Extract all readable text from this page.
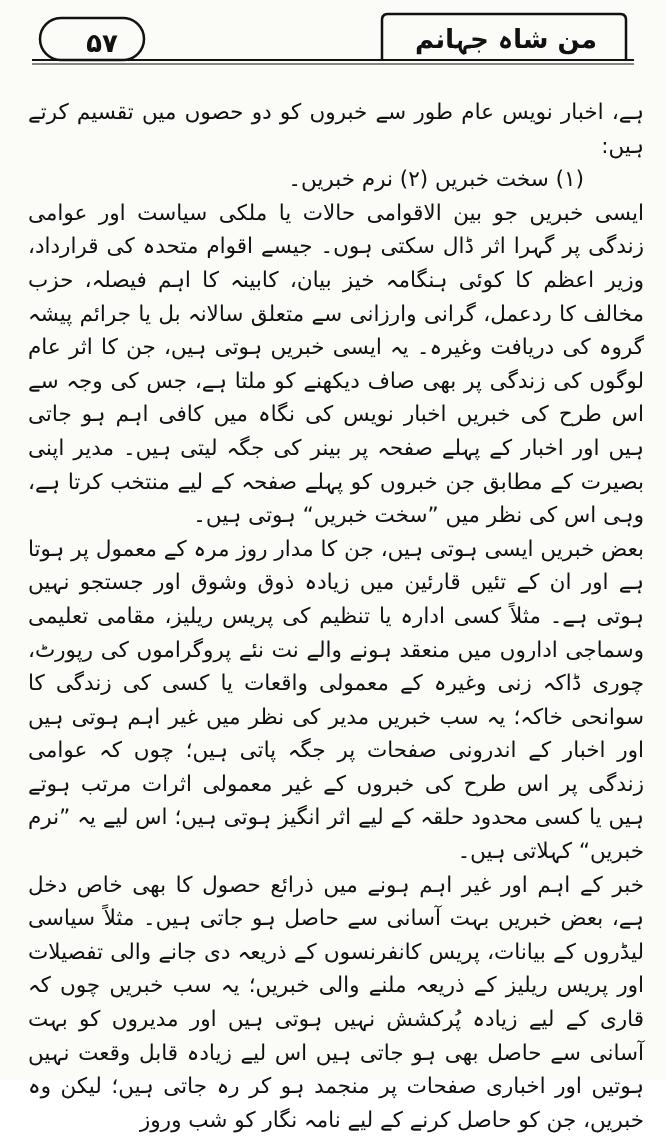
۵۷	من شاہ جہانم

ہے، اخبار نویس عام طور سے خبروں کو دو حصوں میں تقسیم کرتے ہیں:

(۱) سخت خبریں (۲) نرم خبریں۔

ایسی خبریں جو بین الاقوامی حالات یا ملکی سیاست اور عوامی زندگی پر گہرا اثر ڈال سکتی ہوں۔ جیسے اقوام متحدہ کی قرارداد، وزیر اعظم کا کوئی ہنگامہ خیز بیان، کابینہ کا اہم فیصلہ، حزب مخالف کا ردعمل، گرانی وارزانی سے متعلق سالانہ بل یا جرائم پیشہ گروہ کی دریافت وغیرہ۔ یہ ایسی خبریں ہوتی ہیں، جن کا اثر عام لوگوں کی زندگی پر بھی صاف دیکھنے کو ملتا ہے، جس کی وجہ سے اس طرح کی خبریں اخبار نویس کی نگاہ میں کافی اہم ہو جاتی ہیں اور اخبار کے پہلے صفحہ پر بینر کی جگہ لیتی ہیں۔ مدیر اپنی بصیرت کے مطابق جن خبروں کو پہلے صفحہ کے لیے منتخب کرتا ہے، وہی اس کی نظر میں ”سخت خبریں“ ہوتی ہیں۔

بعض خبریں ایسی ہوتی ہیں، جن کا مدار روز مرہ کے معمول پر ہوتا ہے اور ان کے تئیں قارئین میں زیادہ ذوق وشوق اور جستجو نہیں ہوتی ہے۔ مثلاً کسی ادارہ یا تنظیم کی پریس ریلیز، مقامی تعلیمی وسماجی اداروں میں منعقد ہونے والے نت نئے پروگراموں کی رپورٹ، چوری ڈاکہ زنی وغیرہ کے معمولی واقعات یا کسی کی زندگی کا سوانحی خاکہ؛ یہ سب خبریں مدیر کی نظر میں غیر اہم ہوتی ہیں اور اخبار کے اندرونی صفحات پر جگہ پاتی ہیں؛ چوں کہ عوامی زندگی پر اس طرح کی خبروں کے غیر معمولی اثرات مرتب ہوتے ہیں یا کسی محدود حلقہ کے لیے اثر انگیز ہوتی ہیں؛ اس لیے یہ ”نرم خبریں“ کہلاتی ہیں۔

خبر کے اہم اور غیر اہم ہونے میں ذرائع حصول کا بھی خاص دخل ہے، بعض خبریں بہت آسانی سے حاصل ہو جاتی ہیں۔ مثلاً سیاسی لیڈروں کے بیانات، پریس کانفرنسوں کے ذریعہ دی جانے والی تفصیلات اور پریس ریلیز کے ذریعہ ملنے والی خبریں؛ یہ سب خبریں چوں کہ قاری کے لیے زیادہ پُرکشش نہیں ہوتی ہیں اور مدیروں کو بہت آسانی سے حاصل بھی ہو جاتی ہیں اس لیے زیادہ قابل وقعت نہیں ہوتیں اور اخباری صفحات پر منجمد ہو کر رہ جاتی ہیں؛ لیکن وہ خبریں، جن کو حاصل کرنے کے لیے نامہ نگار کو شب وروز
